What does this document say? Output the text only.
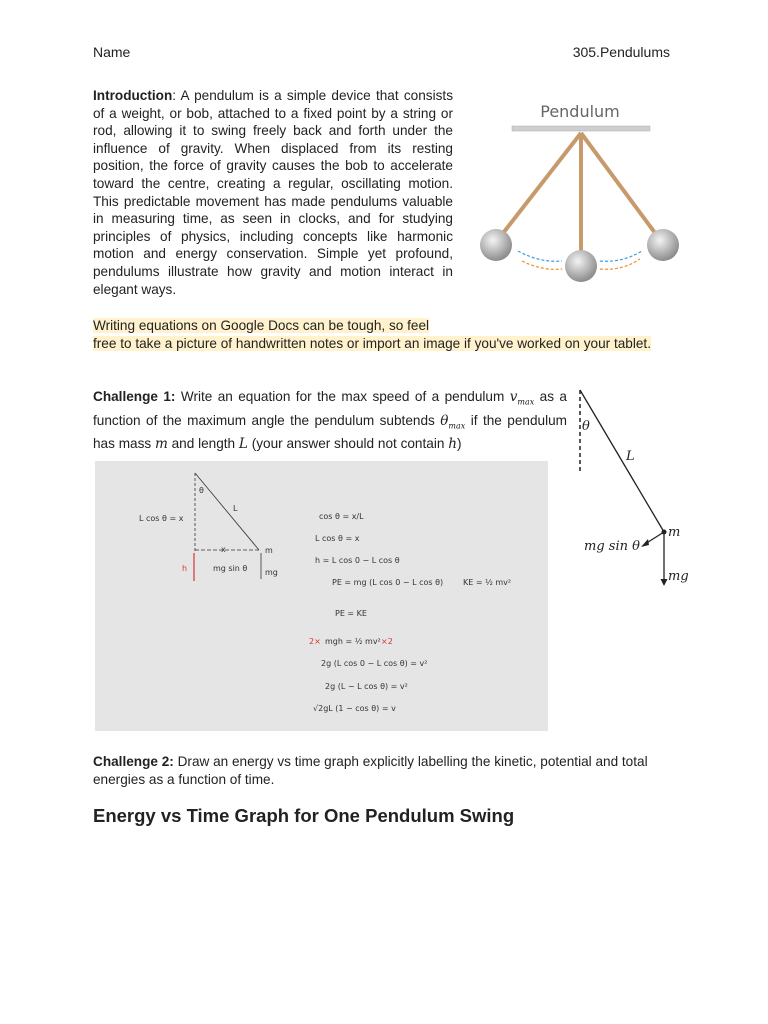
Name	305.Pendulums
Introduction: A pendulum is a simple device that consists of a weight, or bob, attached to a fixed point by a string or rod, allowing it to swing freely back and forth under the influence of gravity. When displaced from its resting position, the force of gravity causes the bob to accelerate toward the centre, creating a regular, oscillating motion. This predictable movement has made pendulums valuable in measuring time, as seen in clocks, and for studying principles of physics, including concepts like harmonic motion and energy conservation. Simple yet profound, pendulums illustrate how gravity and motion interact in elegant ways.
Pendulum
Writing equations on Google Docs can be tough, so feel
free to take a picture of handwritten notes or import an image if you've worked on your tablet.
Challenge 1: Write an equation for the max speed of a pendulum $v_{max}$ as a function of the maximum angle the pendulum subtends $\theta_{max}$ if the pendulum has mass m and length L (your answer should not contain h)
θ
L
m
mg sin θ
mg
θ
L
L cos θ = x
x	m
h	mg sin θ mg
cos θ = x/L
L cos θ = x
h = L cos 0 − L cos θ
PE = mg (L cos 0 − L cos θ) KE = ½ mv²
PE = KE
2× mgh = ½ mv² ×2
2g (L cos 0 − L cos θ) = v²
2g (L − L cos θ) = v²
√2gL (1 − cos θ) = v
Challenge 2: Draw an energy vs time graph explicitly labelling the kinetic, potential and total energies as a function of time.
Energy vs Time Graph for One Pendulum Swing
